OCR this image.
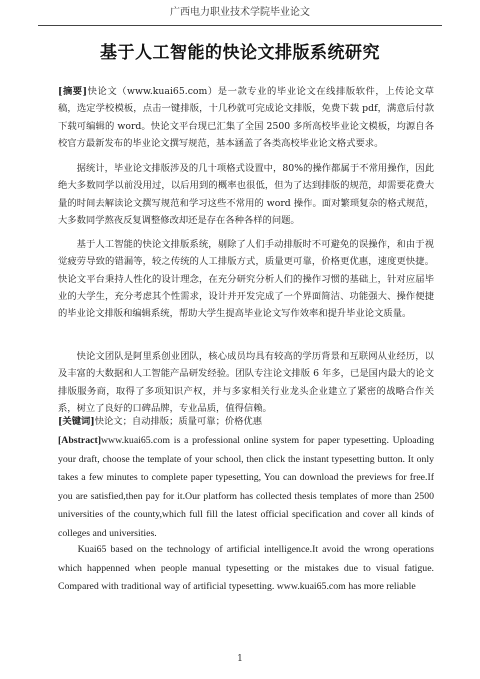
广西电力职业技术学院毕业论文
基于人工智能的快论文排版系统研究

[摘要]快论文（www.kuai65.com）是一款专业的毕业论文在线排版软件，上传论文草稿，选定学校模板，点击一键排版，十几秒就可完成论文排版，免费下载 pdf，满意后付款下载可编辑的 word。快论文平台现已汇集了全国 2500 多所高校毕业论文模板，均源自各校官方最新发布的毕业论文撰写规范，基本涵盖了各类高校毕业论文格式要求。

据统计，毕业论文排版涉及的几十项格式设置中，80%的操作都属于不常用操作，因此绝大多数同学以前没用过，以后用到的概率也很低，但为了达到排版的规范，却需要花费大量的时间去解读论文撰写规范和学习这些不常用的 word 操作。面对繁琐复杂的格式规范，大多数同学熬夜反复调整修改却还是存在各种各样的问题。

基于人工智能的快论文排版系统，剔除了人们手动排版时不可避免的误操作，和由于视觉疲劳导致的错漏等，较之传统的人工排版方式，质量更可靠，价格更优惠，速度更快捷。快论文平台秉持人性化的设计理念，在充分研究分析人们的操作习惯的基础上，针对应届毕业的大学生，充分考虑其个性需求，设计并开发完成了一个界面简洁、功能强大、操作便捷的毕业论文排版和编辑系统，帮助大学生提高毕业论文写作效率和提升毕业论文质量。

快论文团队是阿里系创业团队，核心成员均具有较高的学历背景和互联网从业经历，以及丰富的大数据和人工智能产品研发经验。团队专注论文排版 6 年多，已是国内最大的论文排版服务商，取得了多项知识产权，并与多家相关行业龙头企业建立了紧密的战略合作关系，树立了良好的口碑品牌，专业品质，值得信赖。

[关键词]快论文；自动排版；质量可靠；价格优惠

[Abstract]www.kuai65.com is a professional online system for paper typesetting. Uploading your draft, choose the template of your school, then click the instant typesetting button. It only takes a few minutes to complete paper typesetting, You can download the previews for free.If you are satisfied,then pay for it.Our platform has collected thesis templates of more than 2500 universities of the county,which full fill the latest official specification and cover all kinds of colleges and universities.

Kuai65 based on the technology of artificial intelligence.It avoid the wrong operations which happenned when people manual typesetting or the mistakes due to visual fatigue. Compared with traditional way of artificial typesetting. www.kuai65.com has more reliable

1
